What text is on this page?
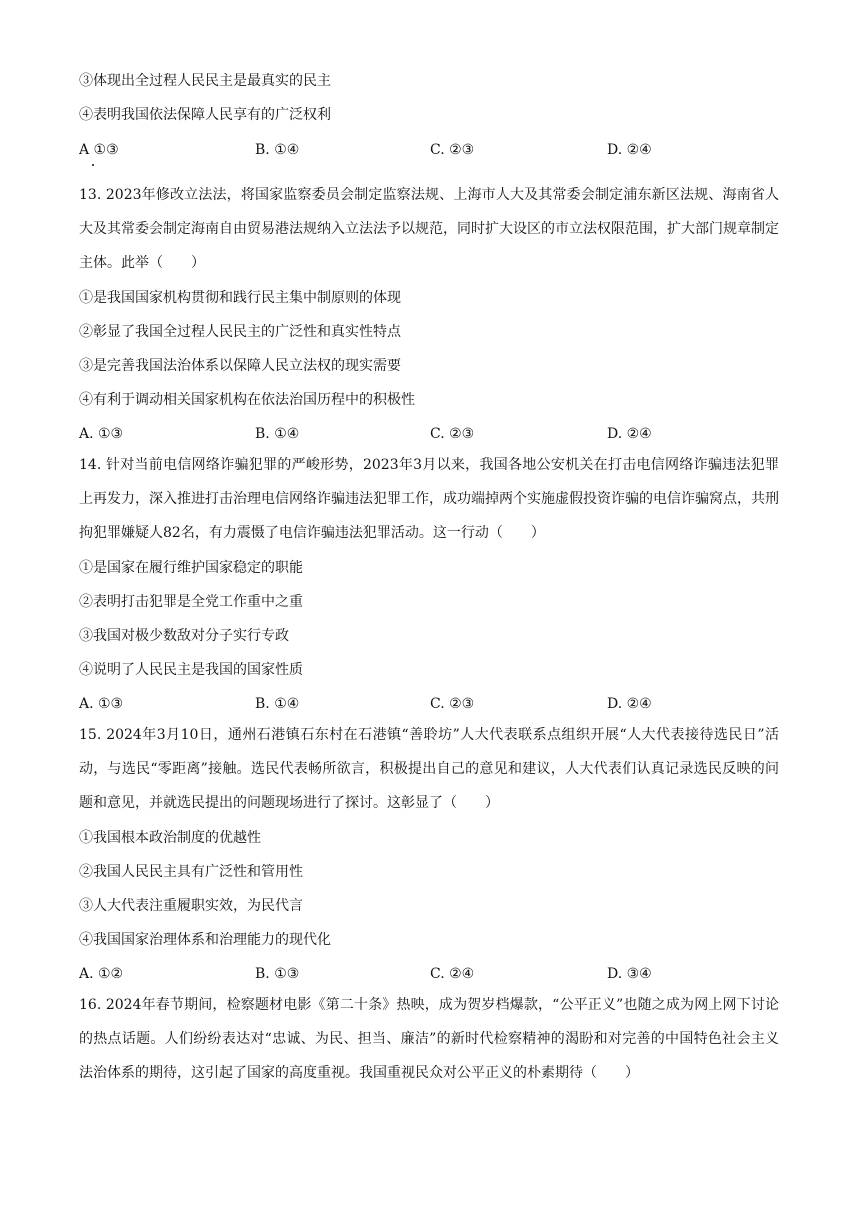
③体现出全过程人民民主是最真实的民主
④表明我国依法保障人民享有的广泛权利
A ①③	B. ①④	C. ②③	D. ②④
13. 2023年修改立法法，将国家监察委员会制定监察法规、上海市人大及其常委会制定浦东新区法规、海南省人大及其常委会制定海南自由贸易港法规纳入立法法予以规范，同时扩大设区的市立法权限范围，扩大部门规章制定主体。此举（　　）
①是我国国家机构贯彻和践行民主集中制原则的体现
②彰显了我国全过程人民民主的广泛性和真实性特点
③是完善我国法治体系以保障人民立法权的现实需要
④有利于调动相关国家机构在依法治国历程中的积极性
A. ①③	B. ①④	C. ②③	D. ②④
14. 针对当前电信网络诈骗犯罪的严峻形势，2023年3月以来，我国各地公安机关在打击电信网络诈骗违法犯罪上再发力，深入推进打击治理电信网络诈骗违法犯罪工作，成功端掉两个实施虚假投资诈骗的电信诈骗窝点，共刑拘犯罪嫌疑人82名，有力震慑了电信诈骗违法犯罪活动。这一行动（　　）
①是国家在履行维护国家稳定的职能
②表明打击犯罪是全党工作重中之重
③我国对极少数敌对分子实行专政
④说明了人民民主是我国的国家性质
A. ①③	B. ①④	C. ②③	D. ②④
15. 2024年3月10日，通州石港镇石东村在石港镇“善聆坊”人大代表联系点组织开展“人大代表接待选民日”活动，与选民“零距离”接触。选民代表畅所欲言，积极提出自己的意见和建议，人大代表们认真记录选民反映的问题和意见，并就选民提出的问题现场进行了探讨。这彰显了（　　）
①我国根本政治制度的优越性
②我国人民民主具有广泛性和管用性
③人大代表注重履职实效，为民代言
④我国国家治理体系和治理能力的现代化
A. ①②	B. ①③	C. ②④	D. ③④
16. 2024年春节期间，检察题材电影《第二十条》热映，成为贺岁档爆款，“公平正义”也随之成为网上网下讨论的热点话题。人们纷纷表达对“忠诚、为民、担当、廉洁”的新时代检察精神的渴盼和对完善的中国特色社会主义法治体系的期待，这引起了国家的高度重视。我国重视民众对公平正义的朴素期待（　　）
